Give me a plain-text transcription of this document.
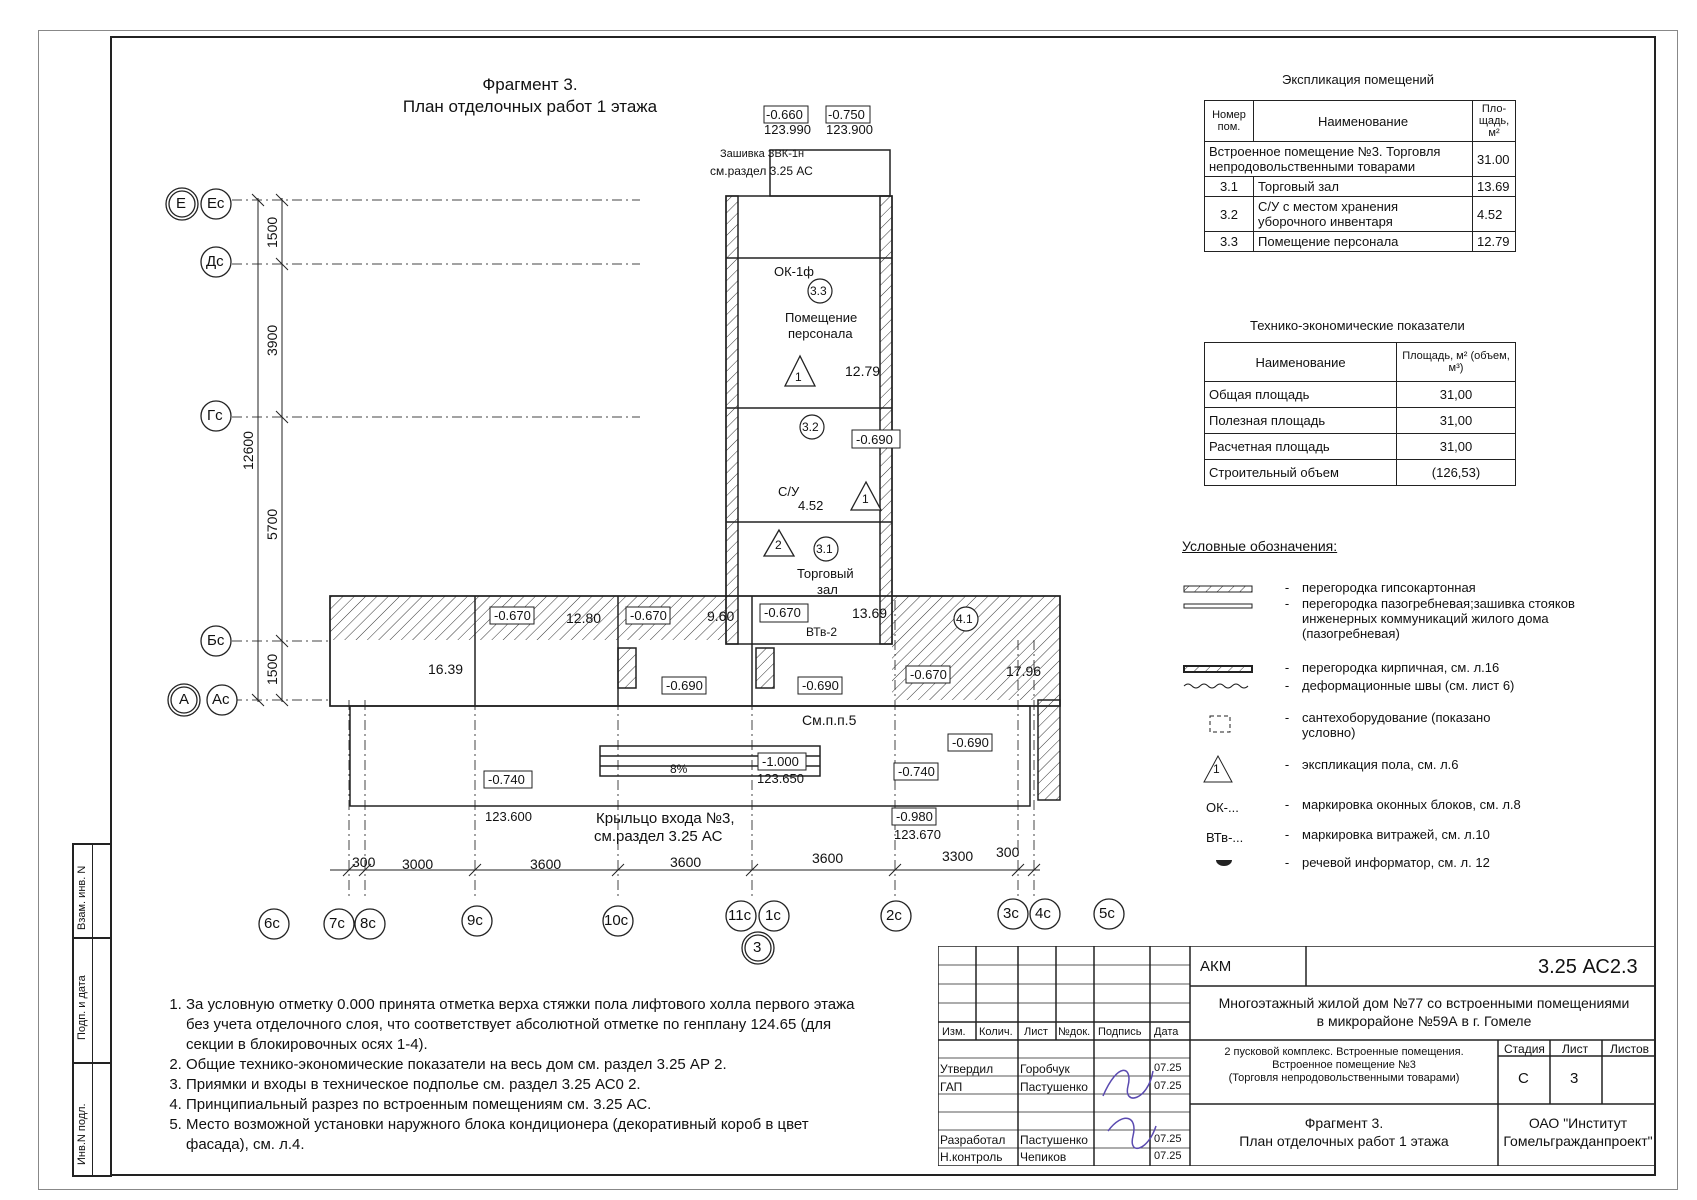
Фрагмент 3.
План отделочных работ 1 этажа	-0.660
123.990
-0.750
123.900
Зашивка ЗВК-1н
см.раздел 3.25 АС
Е Ес
Дс
Гс
Бс
А Ас
6с	7с 8с	9с	10с	11с 1с	2с	3с 4с	5с
3
1500
3900
12600
5700
1500
300 3000	3600	3600	3600	3300 300
ОК-1ф
3.3
Помещение
персонала
12.79
1
3.2
С/У
4.52
-0.690
1
3.1
Торговый
зал
13.69
-0.670
ВТв-2
2
4.1
-0.670	12.80 -0.670	9.60
16.39
-0.690	-0.690
-0.670	17.96
-0.690
См.п.п.5
8%	-1.000
123.650
-0.740
123.600
-0.740
-0.980
123.670
Крыльцо входа №3,
см.раздел 3.25 АС
Экспликация помещений
Номер пом.	Наименование	Пло-щадь, м²
Встроенное помещение №3. Торговля непродовольственными товарами		31.00
3.1	Торговый зал	13.69
3.2	С/У с местом хранения уборочного инвентаря	4.52
3.3	Помещение персонала	12.79
Технико-экономические показатели
Наименование	Площадь, м² (объем, м³)
Общая площадь	31,00
Полезная площадь	31,00
Расчетная площадь	31,00
Строительный объем	(126,53)
Условные обозначения:
1
ОК-...
ВТв-...
- перегородка гипсокартонная
- перегородка пазогребневая;зашивка стояков инженерных коммуникаций жилого дома (пазогребневая)
- перегородка кирпичная, см. л.16
- деформационные швы (см. лист 6)
- сантехоборудование (показано условно)
- экспликация пола, см. л.6
- маркировка оконных блоков, см. л.8
- маркировка витражей, см. л.10
- речевой информатор, см. л. 12
1. За условную отметку 0.000 принята отметка верха стяжки пола лифтового холла первого этажа без учета отделочного слоя, что соответствует абсолютной отметке по генплану 124.65 (для секции в блокировочных осях 1-4).
2. Общие технико-экономические показатели на весь дом см. раздел 3.25 АР 2.
3. Приямки и входы в техническое подполье см. раздел 3.25 АС0 2.
4. Принципиальный разрез по встроенным помещениям см. 3.25 АС.
5. Место возможной установки наружного блока кондиционера (декоративный короб в цвет фасада), см. л.4.
Взам. инв. N
Подп. и дата
Инв.N подл.
Изм. Колич. Лист №док. Подпись Дата
Утвердил Горобчук	07.25
ГАП	Пастушенко	07.25
Разработал Пастушенко	07.25
Н.контроль Чепиков	07.25
АКМ	3.25 АС2.3
Многоэтажный жилой дом №77 со встроенными помещениями
в микрорайоне №59А в г. Гомеле
2 пусковой комплекс. Встроенные помещения.
Встроенное помещение №3
(Торговля непродовольственными товарами)
Стадия Лист Листов
С	3
Фрагмент 3.
План отделочных работ 1 этажа
ОАО "Институт
Гомельгражданпроект"
